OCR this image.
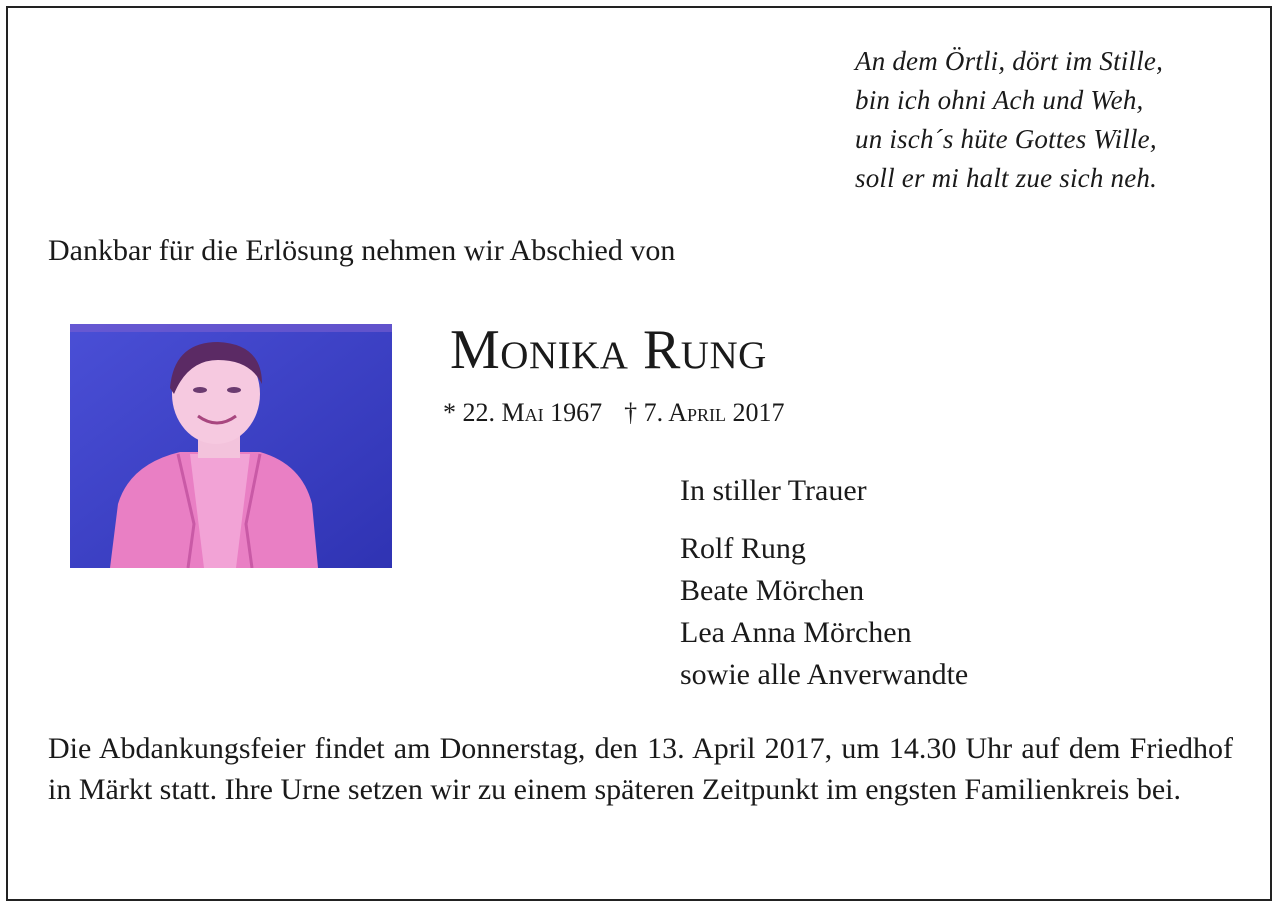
An dem Örtli, dört im Stille,
bin ich ohni Ach und Weh,
un isch´s hüte Gottes Wille,
soll er mi halt zue sich neh.
Dankbar für die Erlösung nehmen wir Abschied von
Monika Rung
* 22. Mai 1967 † 7. April 2017
In stiller Trauer
Rolf Rung
Beate Mörchen
Lea Anna Mörchen
sowie alle Anverwandte
Die Abdankungsfeier findet am Donnerstag, den 13. April 2017, um 14.30 Uhr auf dem Friedhof in Märkt statt. Ihre Urne setzen wir zu einem späteren Zeitpunkt im engsten Familienkreis bei.
